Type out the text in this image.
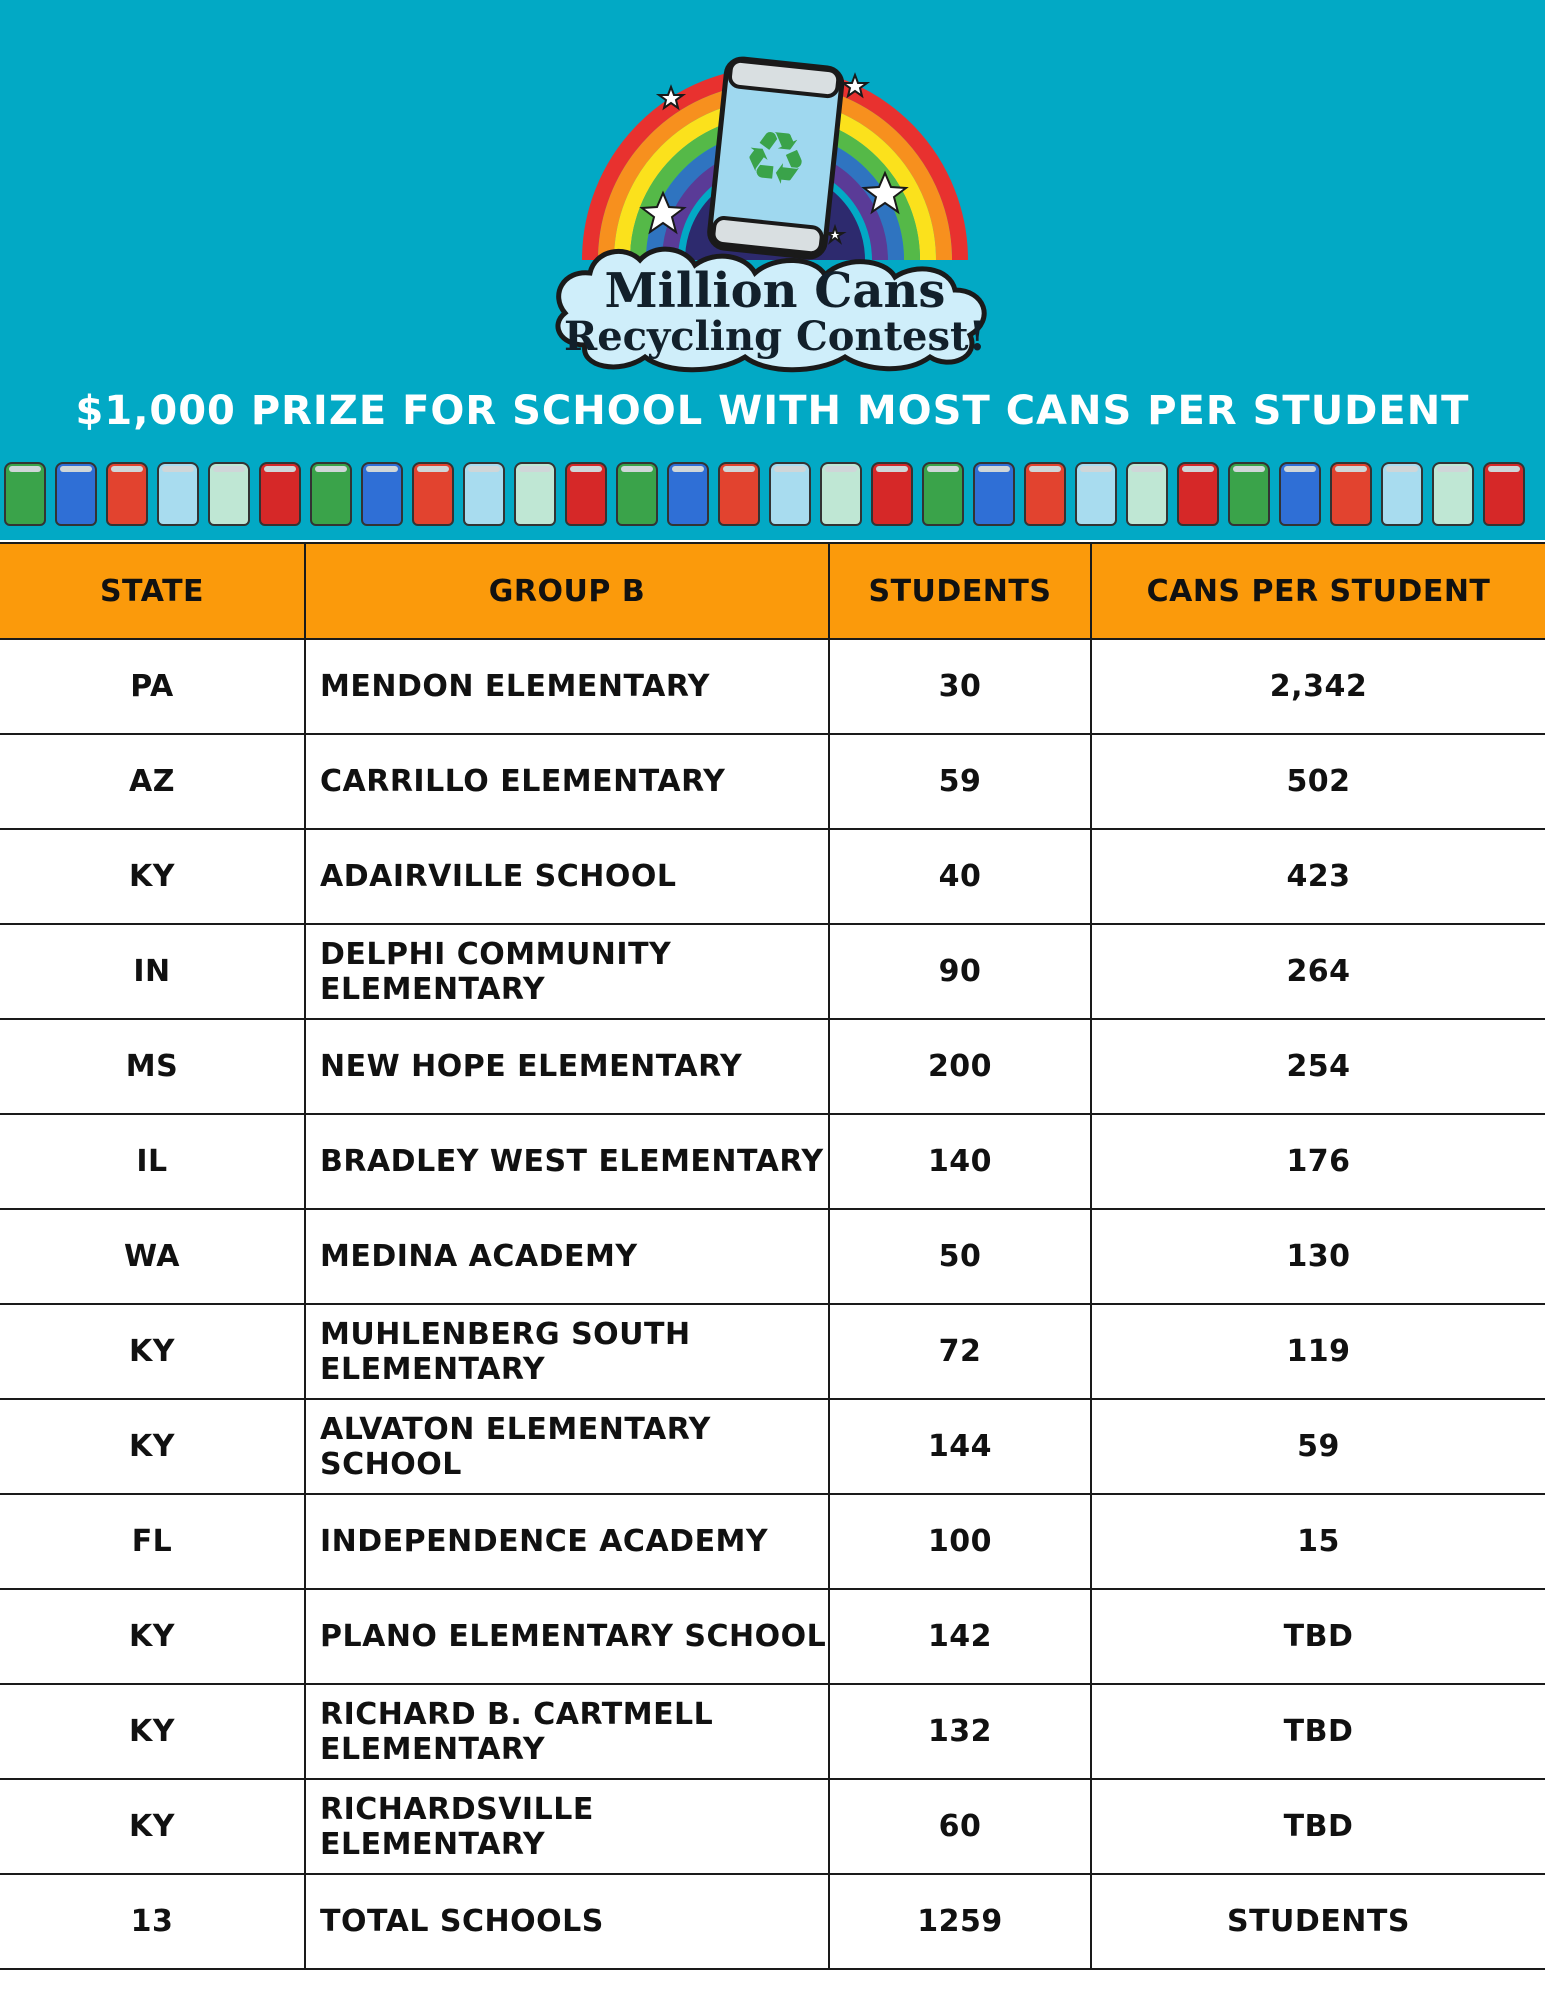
♻
Million Cans
Recycling Contest!
$1,000 PRIZE FOR SCHOOL WITH MOST CANS PER STUDENT
STATE	GROUP B	STUDENTS	CANS PER STUDENT
PA	MENDON ELEMENTARY	30	2,342
AZ	CARRILLO ELEMENTARY	59	502
KY	ADAIRVILLE SCHOOL	40	423
IN	DELPHI COMMUNITY ELEMENTARY	90	264
MS	NEW HOPE ELEMENTARY	200	254
IL	BRADLEY WEST ELEMENTARY	140	176
WA	MEDINA ACADEMY	50	130
KY	MUHLENBERG SOUTH ELEMENTARY	72	119
KY	ALVATON ELEMENTARY SCHOOL	144	59
FL	INDEPENDENCE ACADEMY	100	15
KY	PLANO ELEMENTARY SCHOOL	142	TBD
KY	RICHARD B. CARTMELL ELEMENTARY	132	TBD
KY	RICHARDSVILLE ELEMENTARY	60	TBD
13	TOTAL SCHOOLS	1259	STUDENTS
